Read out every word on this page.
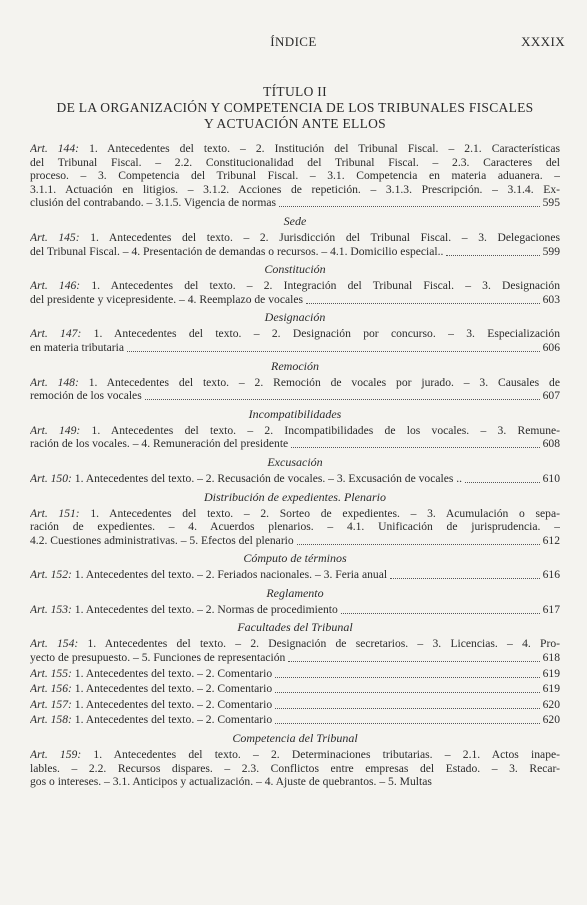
ÍNDICE	XXXIX
TÍTULO II
DE LA ORGANIZACIÓN Y COMPETENCIA DE LOS TRIBUNALES FISCALES
Y ACTUACIÓN ANTE ELLOS
Art. 144: 1. Antecedentes del texto. – 2. Institución del Tribunal Fiscal. – 2.1. Características
del Tribunal Fiscal. – 2.2. Constitucionalidad del Tribunal Fiscal. – 2.3. Caracteres del
proceso. – 3. Competencia del Tribunal Fiscal. – 3.1. Competencia en materia aduanera. –
3.1.1. Actuación en litigios. – 3.1.2. Acciones de repetición. – 3.1.3. Prescripción. – 3.1.4. Ex-
clusión del contrabando. – 3.1.5. Vigencia de normas	595
Sede
Art. 145: 1. Antecedentes del texto. – 2. Jurisdicción del Tribunal Fiscal. – 3. Delegaciones
del Tribunal Fiscal. – 4. Presentación de demandas o recursos. – 4.1. Domicilio especial..	599
Constitución
Art. 146: 1. Antecedentes del texto. – 2. Integración del Tribunal Fiscal. – 3. Designación
del presidente y vicepresidente. – 4. Reemplazo de vocales	603
Designación
Art. 147: 1. Antecedentes del texto. – 2. Designación por concurso. – 3. Especialización
en materia tributaria	606
Remoción
Art. 148: 1. Antecedentes del texto. – 2. Remoción de vocales por jurado. – 3. Causales de
remoción de los vocales	607
Incompatibilidades
Art. 149: 1. Antecedentes del texto. – 2. Incompatibilidades de los vocales. – 3. Remune-
ración de los vocales. – 4. Remuneración del presidente	608
Excusación
Art. 150: 1. Antecedentes del texto. – 2. Recusación de vocales. – 3. Excusación de vocales ..	610
Distribución de expedientes. Plenario
Art. 151: 1. Antecedentes del texto. – 2. Sorteo de expedientes. – 3. Acumulación o sepa-
ración de expedientes. – 4. Acuerdos plenarios. – 4.1. Unificación de jurisprudencia. –
4.2. Cuestiones administrativas. – 5. Efectos del plenario	612
Cómputo de términos
Art. 152: 1. Antecedentes del texto. – 2. Feriados nacionales. – 3. Feria anual	616
Reglamento
Art. 153: 1. Antecedentes del texto. – 2. Normas de procedimiento	617
Facultades del Tribunal
Art. 154: 1. Antecedentes del texto. – 2. Designación de secretarios. – 3. Licencias. – 4. Pro-
yecto de presupuesto. – 5. Funciones de representación	618
Art. 155: 1. Antecedentes del texto. – 2. Comentario	619
Art. 156: 1. Antecedentes del texto. – 2. Comentario	619
Art. 157: 1. Antecedentes del texto. – 2. Comentario	620
Art. 158: 1. Antecedentes del texto. – 2. Comentario	620
Competencia del Tribunal
Art. 159: 1. Antecedentes del texto. – 2. Determinaciones tributarias. – 2.1. Actos inape-
lables. – 2.2. Recursos dispares. – 2.3. Conflictos entre empresas del Estado. – 3. Recar-
gos o intereses. – 3.1. Anticipos y actualización. – 4. Ajuste de quebrantos. – 5. Multas
